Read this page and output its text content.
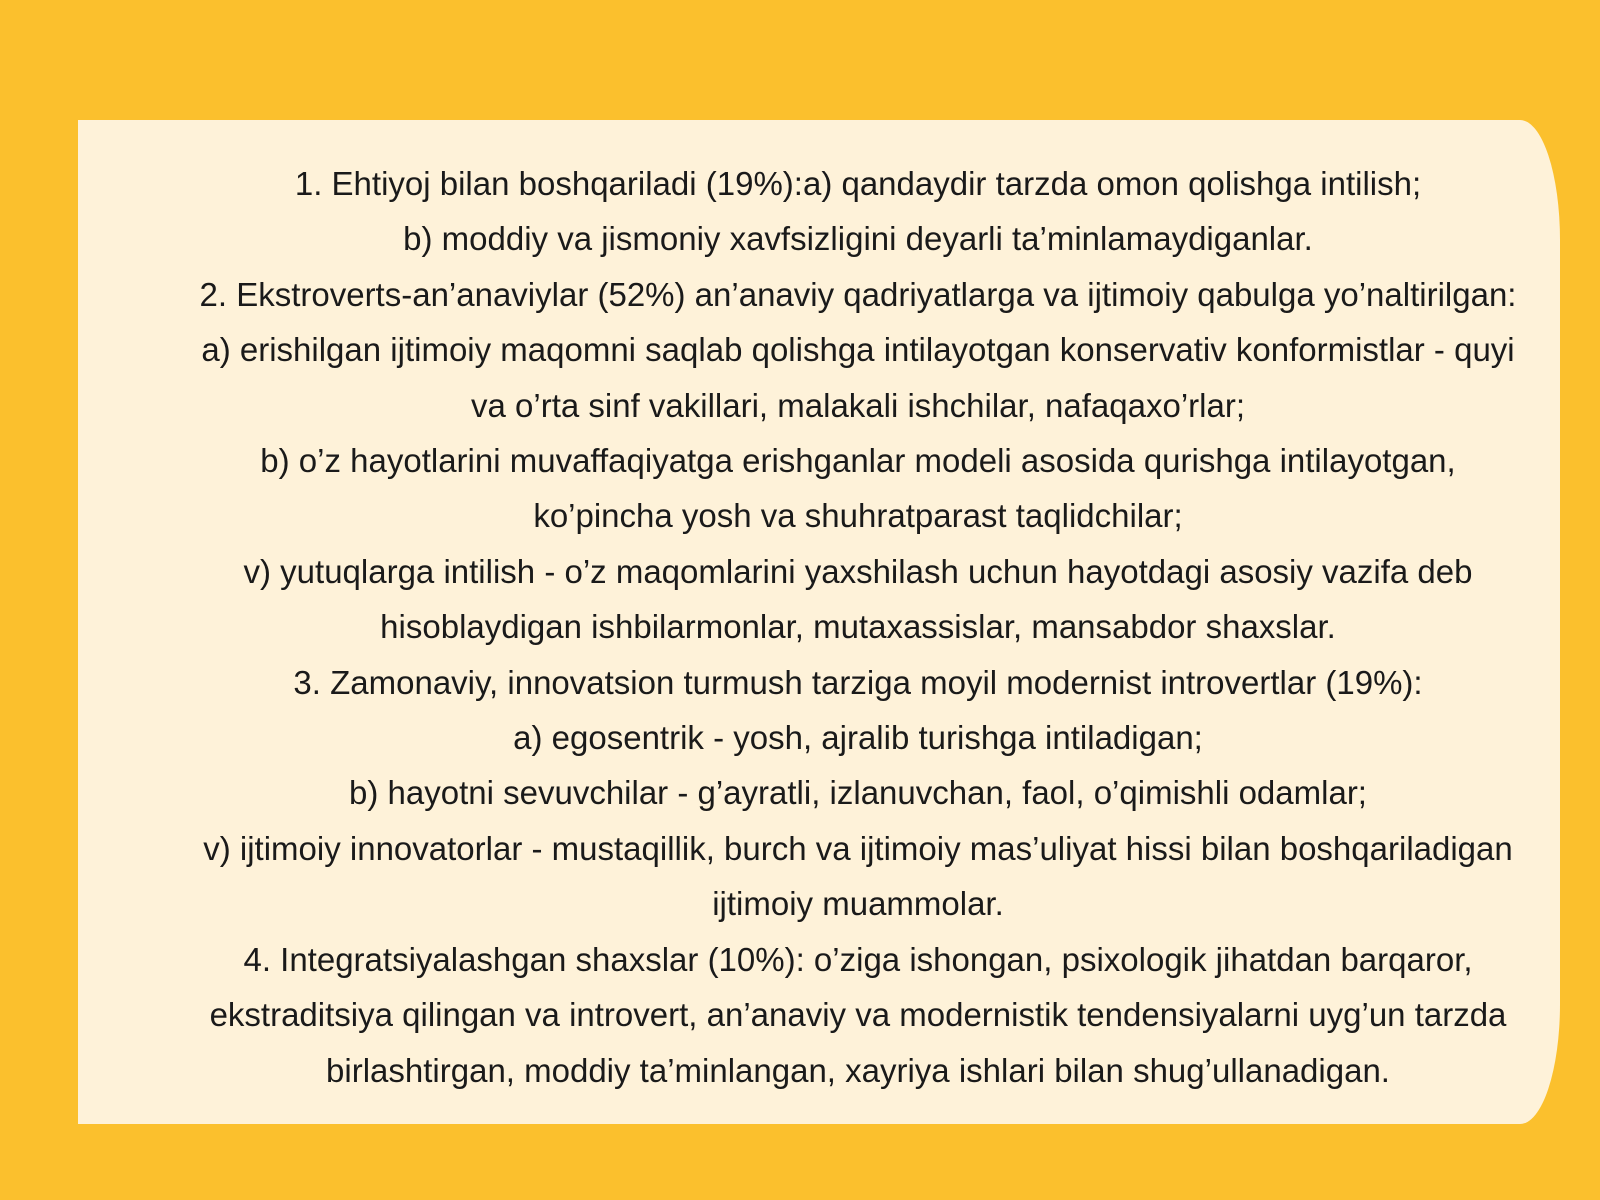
1. Ehtiyoj bilan boshqariladi (19%):a) qandaydir tarzda omon qolishga intilish;
b) moddiy va jismoniy xavfsizligini deyarli ta’minlamaydiganlar.
2. Ekstroverts-an’anaviylar (52%) an’anaviy qadriyatlarga va ijtimoiy qabulga yo’naltirilgan:
a) erishilgan ijtimoiy maqomni saqlab qolishga intilayotgan konservativ konformistlar - quyi
va o’rta sinf vakillari, malakali ishchilar, nafaqaxo’rlar;
b) o’z hayotlarini muvaffaqiyatga erishganlar modeli asosida qurishga intilayotgan,
ko’pincha yosh va shuhratparast taqlidchilar;
v) yutuqlarga intilish - o’z maqomlarini yaxshilash uchun hayotdagi asosiy vazifa deb
hisoblaydigan ishbilarmonlar, mutaxassislar, mansabdor shaxslar.
3. Zamonaviy, innovatsion turmush tarziga moyil modernist introvertlar (19%):
a) egosentrik - yosh, ajralib turishga intiladigan;
b) hayotni sevuvchilar - g’ayratli, izlanuvchan, faol, o’qimishli odamlar;
v) ijtimoiy innovatorlar - mustaqillik, burch va ijtimoiy mas’uliyat hissi bilan boshqariladigan
ijtimoiy muammolar.
4. Integratsiyalashgan shaxslar (10%): o’ziga ishongan, psixologik jihatdan barqaror,
ekstraditsiya qilingan va introvert, an’anaviy va modernistik tendensiyalarni uyg’un tarzda
birlashtirgan, moddiy ta’minlangan, xayriya ishlari bilan shug’ullanadigan.
